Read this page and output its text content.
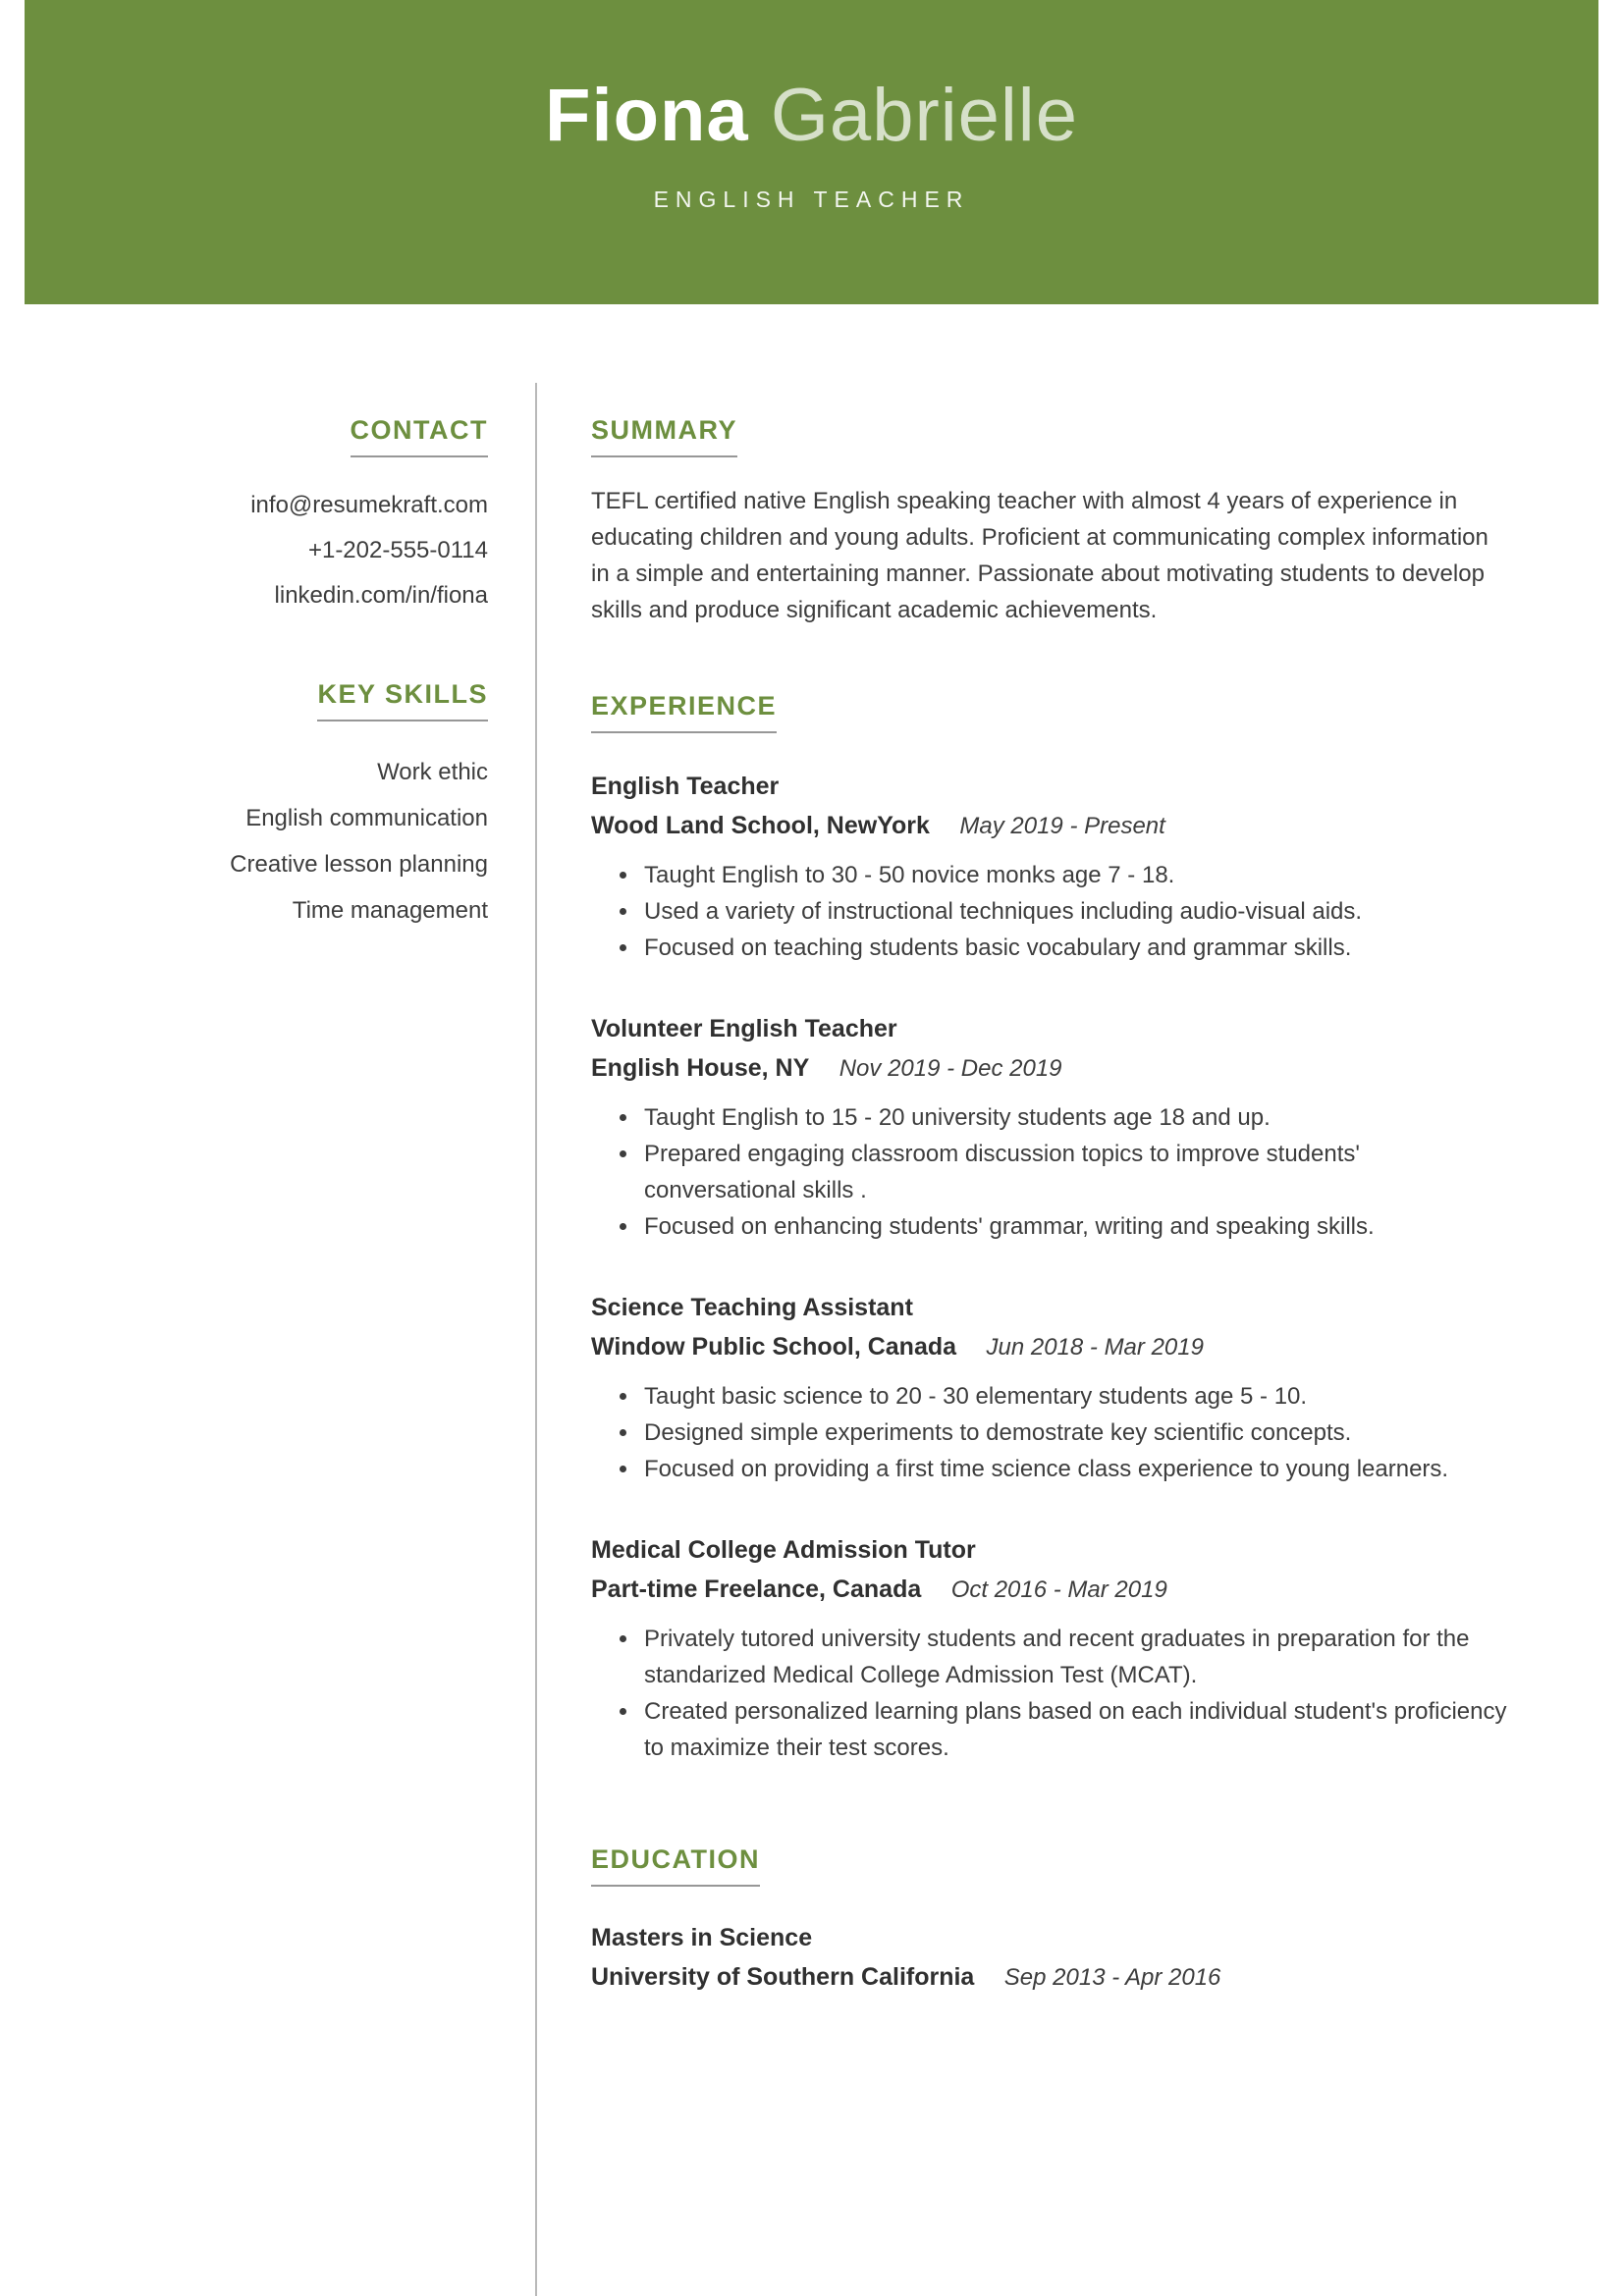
Fiona Gabrielle
ENGLISH TEACHER
CONTACT
info@resumekraft.com
+1-202-555-0114
linkedin.com/in/fiona
KEY SKILLS
Work ethic
English communication
Creative lesson planning
Time management
SUMMARY

TEFL certified native English speaking teacher with almost 4 years of experience in educating children and young adults. Proficient at communicating complex information in a simple and entertaining manner. Passionate about motivating students to develop skills and produce significant academic achievements.

EXPERIENCE
English Teacher
Wood Land School, NewYork May 2019 - Present
• Taught English to 30 - 50 novice monks age 7 - 18.
• Used a variety of instructional techniques including audio-visual aids.
• Focused on teaching students basic vocabulary and grammar skills.
Volunteer English Teacher
English House, NY Nov 2019 - Dec 2019
• Taught English to 15 - 20 university students age 18 and up.
• Prepared engaging classroom discussion topics to improve students' conversational skills .
• Focused on enhancing students' grammar, writing and speaking skills.
Science Teaching Assistant
Window Public School, Canada Jun 2018 - Mar 2019
• Taught basic science to 20 - 30 elementary students age 5 - 10.
• Designed simple experiments to demostrate key scientific concepts.
• Focused on providing a first time science class experience to young learners.
Medical College Admission Tutor
Part-time Freelance, Canada Oct 2016 - Mar 2019
• Privately tutored university students and recent graduates in preparation for the standarized Medical College Admission Test (MCAT).
• Created personalized learning plans based on each individual student's proficiency to maximize their test scores.
EDUCATION
Masters in Science
University of Southern California Sep 2013 - Apr 2016
